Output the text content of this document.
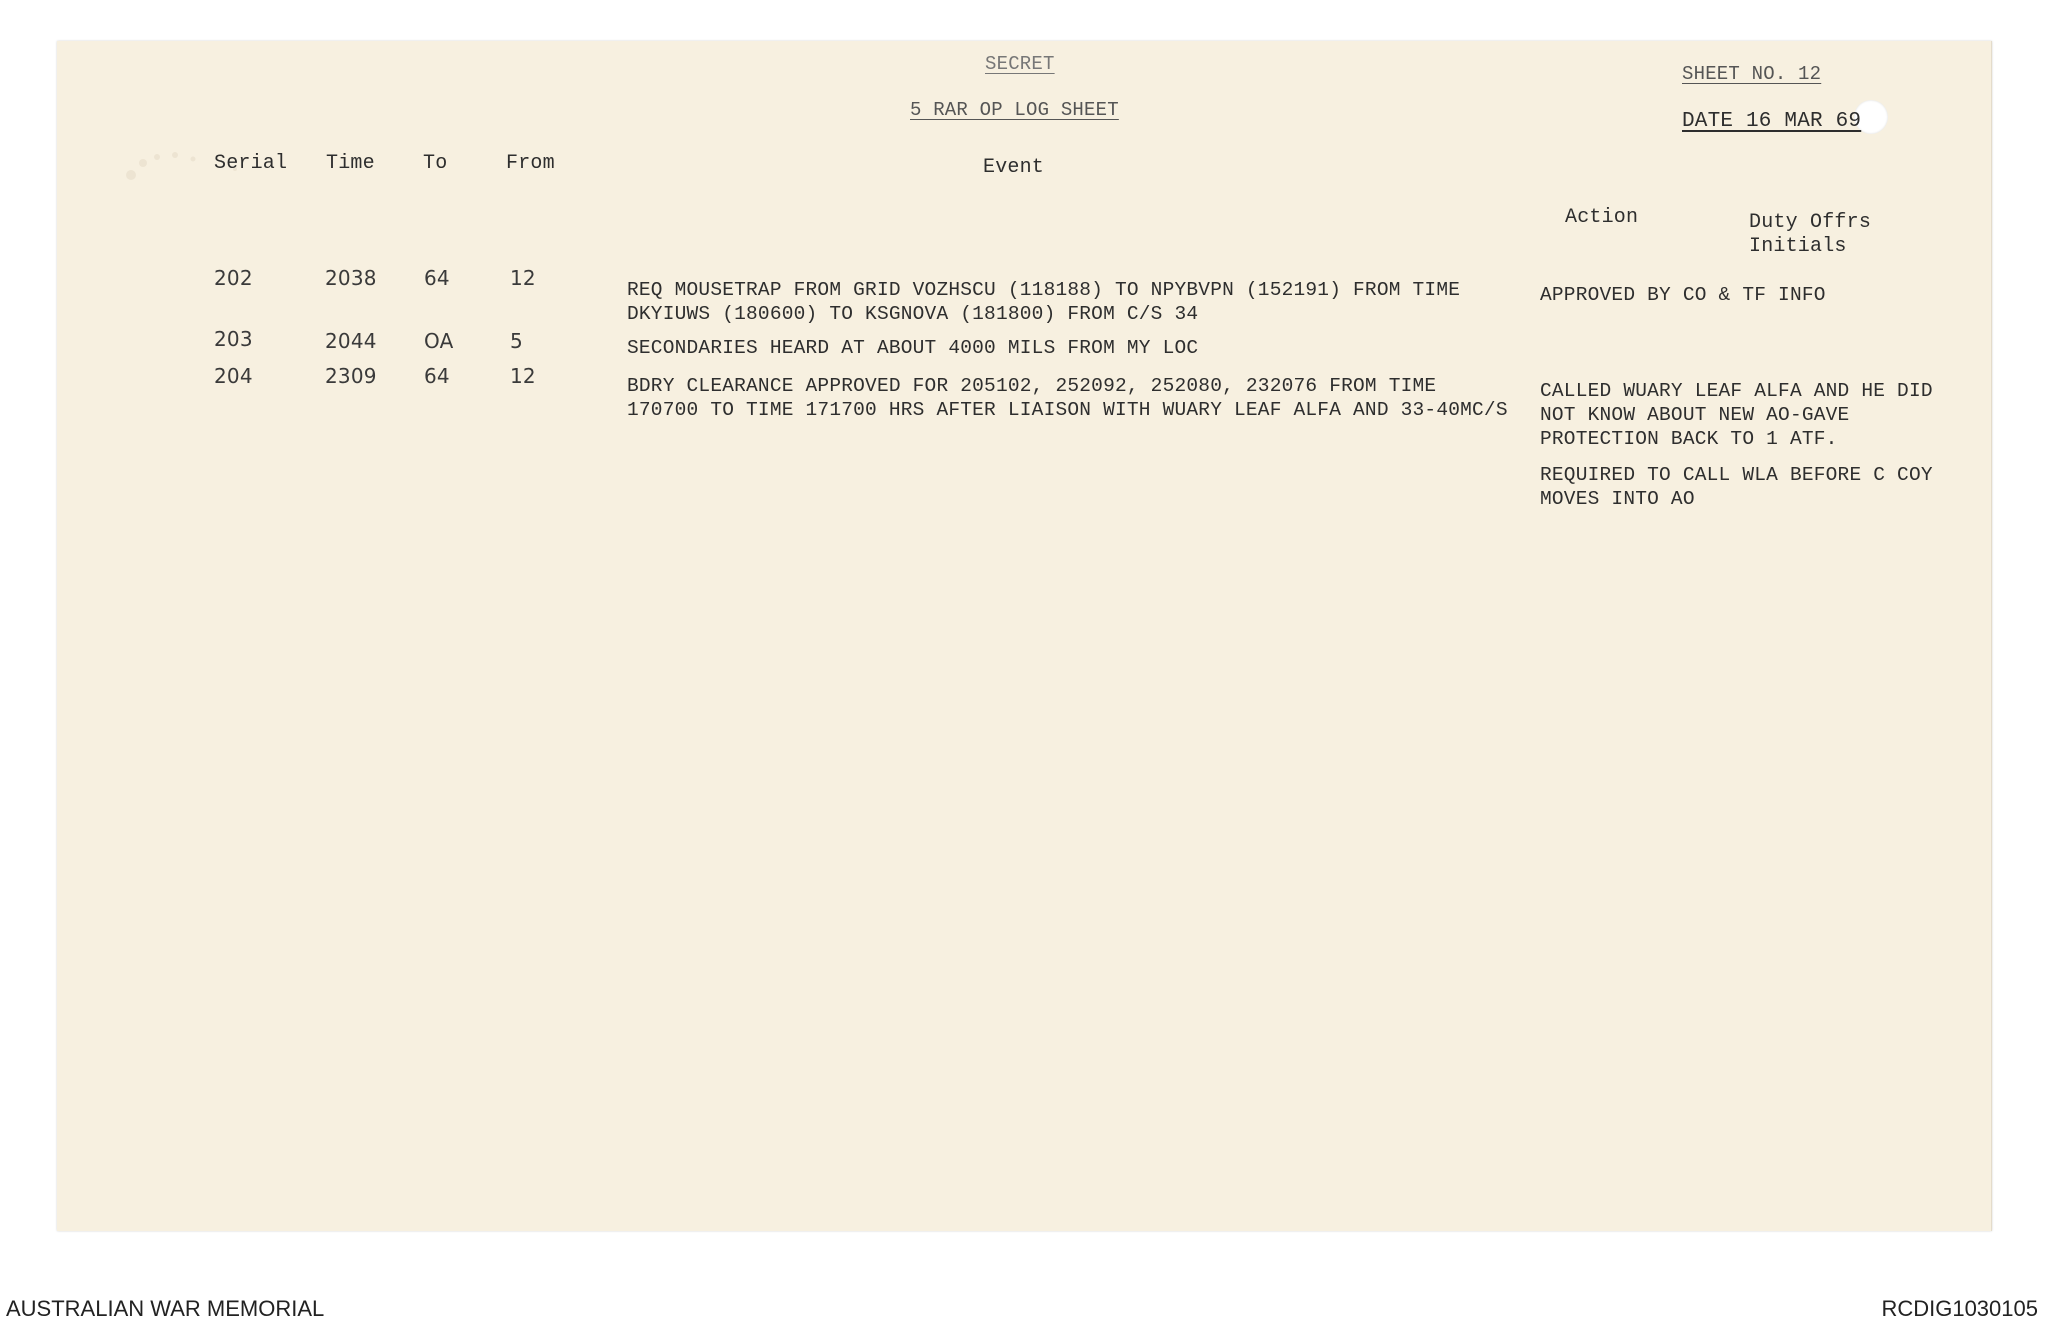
SECRET
5 RAR OP LOG SHEET
SHEET NO. 12
DATE 16 MAR 69
Serial Time To	From	Event
Action	Duty Offrs
Initials
202	2038 64	12	REQ MOUSETRAP FROM GRID VOZHSCU (118188) TO NPYBVPN (152191) FROM TIME
DKYIUWS (180600) TO KSGNOVA (181800) FROM C/S 34
APPROVED BY CO & TF INFO
203	2044 OA	5	SECONDARIES HEARD AT ABOUT 4000 MILS FROM MY LOC
204	2309 64	12	BDRY CLEARANCE APPROVED FOR 205102, 252092, 252080, 232076 FROM TIME
170700 TO TIME 171700 HRS AFTER LIAISON WITH WUARY LEAF ALFA AND 33-40MC/S
CALLED WUARY LEAF ALFA AND HE DID
NOT KNOW ABOUT NEW AO-GAVE
PROTECTION BACK TO 1 ATF.
REQUIRED TO CALL WLA BEFORE C COY
MOVES INTO AO
AUSTRALIAN WAR MEMORIAL	RCDIG1030105
